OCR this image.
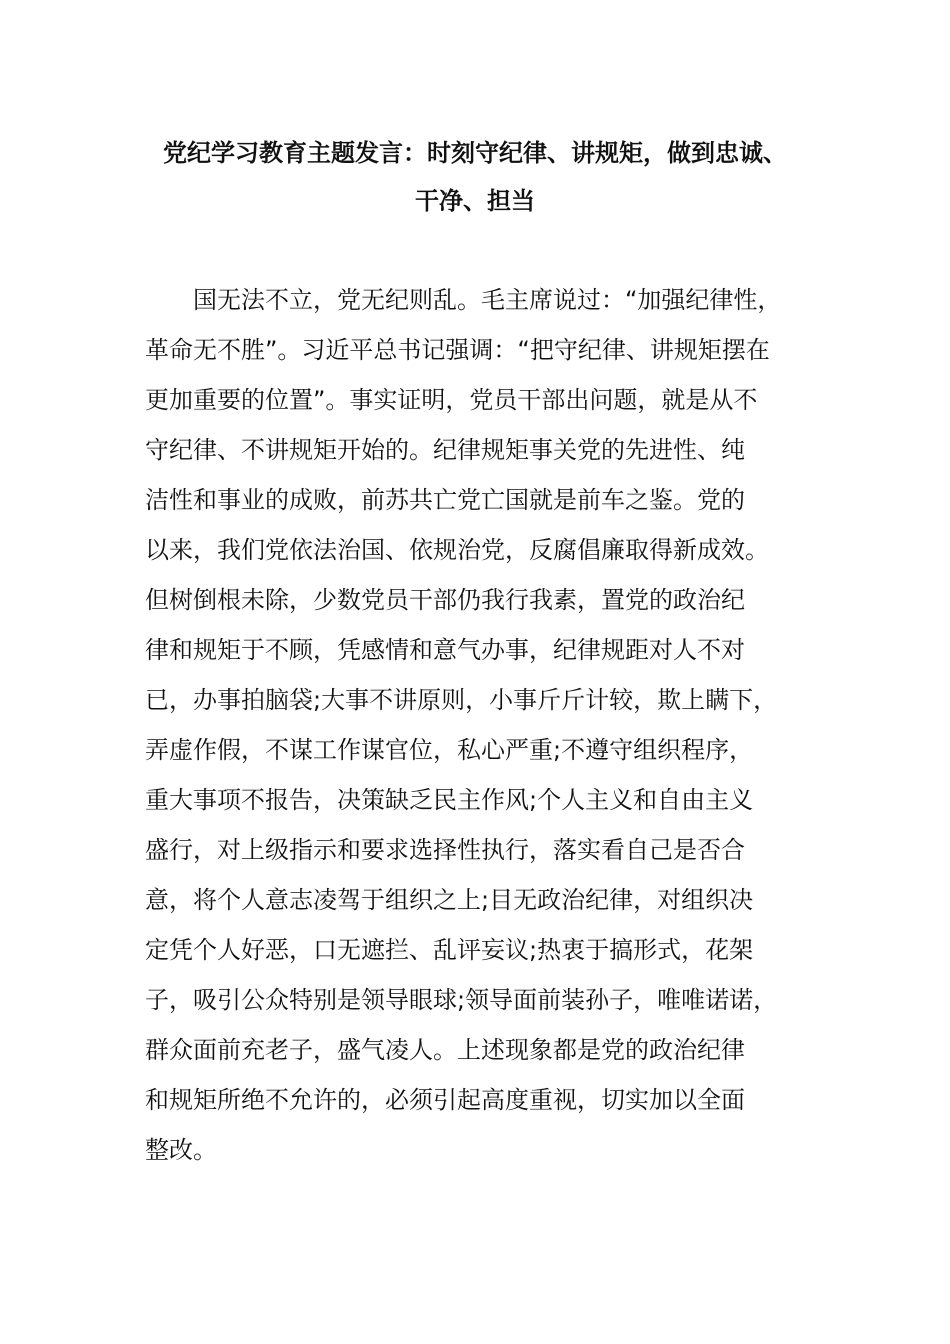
党纪学习教育主题发言：时刻守纪律、讲规矩，做到忠诚、
干净、担当
国无法不立，党无纪则乱。毛主席说过：“加强纪律性，
革命无不胜”。习近平总书记强调：“把守纪律、讲规矩摆在
更加重要的位置”。事实证明，党员干部出问题，就是从不
守纪律、不讲规矩开始的。纪律规矩事关党的先进性、纯
洁性和事业的成败，前苏共亡党亡国就是前车之鉴。党的
以来，我们党依法治国、依规治党，反腐倡廉取得新成效。
但树倒根未除，少数党员干部仍我行我素，置党的政治纪
律和规矩于不顾，凭感情和意气办事，纪律规距对人不对
已，办事拍脑袋;大事不讲原则，小事斤斤计较，欺上瞒下，
弄虚作假，不谋工作谋官位，私心严重;不遵守组织程序，
重大事项不报告，决策缺乏民主作风;个人主义和自由主义
盛行，对上级指示和要求选择性执行，落实看自己是否合
意，将个人意志凌驾于组织之上;目无政治纪律，对组织决
定凭个人好恶，口无遮拦、乱评妄议;热衷于搞形式，花架
子，吸引公众特别是领导眼球;领导面前装孙子，唯唯诺诺，
群众面前充老子，盛气凌人。上述现象都是党的政治纪律
和规矩所绝不允许的，必须引起高度重视，切实加以全面
整改。
